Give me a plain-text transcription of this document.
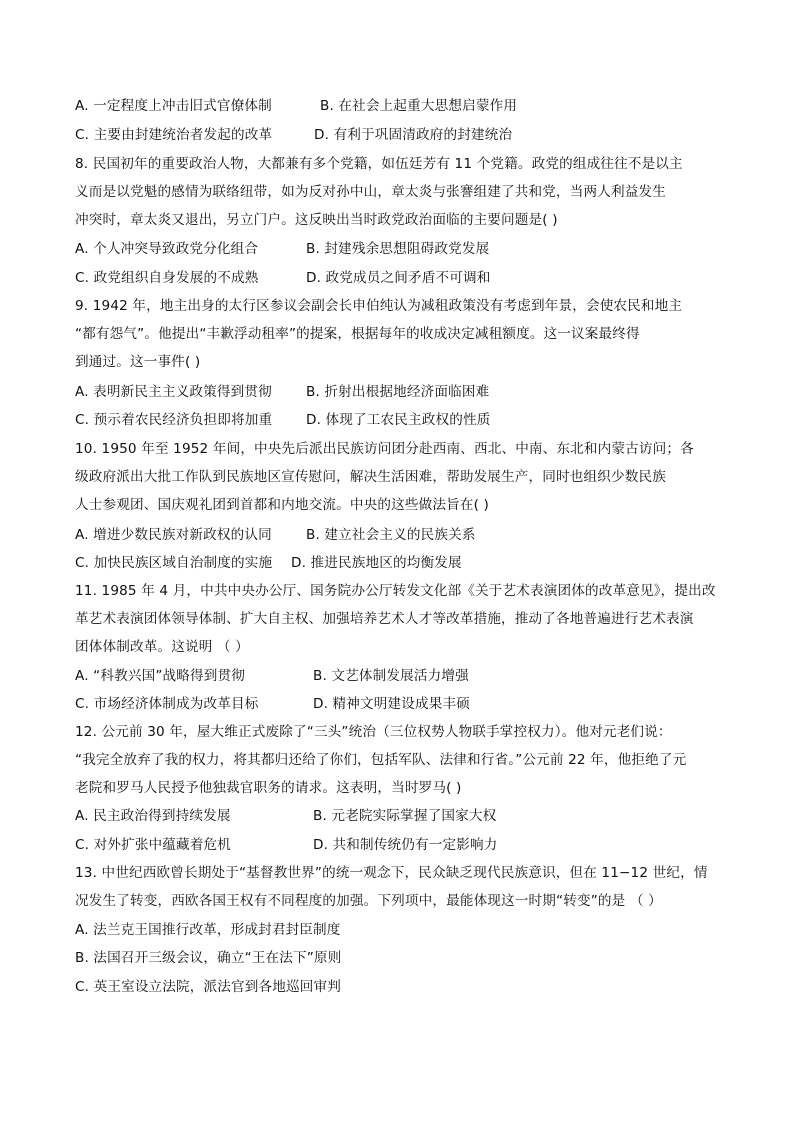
A. 一定程度上冲击旧式官僚体制	B. 在社会上起重大思想启蒙作用
C. 主要由封建统治者发起的改革	D. 有利于巩固清政府的封建统治
8. 民国初年的重要政治人物，大都兼有多个党籍，如伍廷芳有 11 个党籍。政党的组成往往不是以主
义而是以党魁的感情为联络纽带，如为反对孙中山，章太炎与张謇组建了共和党，当两人利益发生
冲突时，章太炎又退出，另立门户。这反映出当时政党政治面临的主要问题是( )
A. 个人冲突导致政党分化组合	B. 封建残余思想阻碍政党发展
C. 政党组织自身发展的不成熟	D. 政党成员之间矛盾不可调和
9. 1942 年，地主出身的太行区参议会副会长申伯纯认为减租政策没有考虑到年景，会使农民和地主
“都有怨气”。他提出“丰歉浮动租率”的提案，根据每年的收成决定减租额度。这一议案最终得
到通过。这一事件( )
A. 表明新民主主义政策得到贯彻	B. 折射出根据地经济面临困难
C. 预示着农民经济负担即将加重 D. 体现了工农民主政权的性质
10. 1950 年至 1952 年间，中央先后派出民族访问团分赴西南、西北、中南、东北和内蒙古访问；各
级政府派出大批工作队到民族地区宣传慰问，解决生活困难，帮助发展生产，同时也组织少数民族
人士参观团、国庆观礼团到首都和内地交流。中央的这些做法旨在( )
A. 增进少数民族对新政权的认同	B. 建立社会主义的民族关系
C. 加快民族区域自治制度的实施 D. 推进民族地区的均衡发展
11. 1985 年 4 月，中共中央办公厅、国务院办公厅转发文化部《关于艺术表演团体的改革意见》，提出改
革艺术表演团体领导体制、扩大自主权、加强培养艺术人才等改革措施，推动了各地普遍进行艺术表演
团体体制改革。这说明 （ ）
A. “科教兴国”战略得到贯彻	B. 文艺体制发展活力增强
C. 市场经济体制成为改革目标	D. 精神文明建设成果丰硕
12. 公元前 30 年，屋大维正式废除了“三头”统治（三位权势人物联手掌控权力）。他对元老们说：
“我完全放弃了我的权力，将其都归还给了你们，包括军队、法律和行省。”公元前 22 年，他拒绝了元
老院和罗马人民授予他独裁官职务的请求。这表明，当时罗马( )
A. 民主政治得到持续发展	B. 元老院实际掌握了国家大权
C. 对外扩张中蕴藏着危机	D. 共和制传统仍有一定影响力
13. 中世纪西欧曾长期处于“基督教世界”的统一观念下，民众缺乏现代民族意识，但在 11−12 世纪，情
况发生了转变，西欧各国王权有不同程度的加强。下列项中，最能体现这一时期“转变”的是 （ ）
A. 法兰克王国推行改革，形成封君封臣制度
B. 法国召开三级会议，确立“王在法下”原则
C. 英王室设立法院，派法官到各地巡回审判
